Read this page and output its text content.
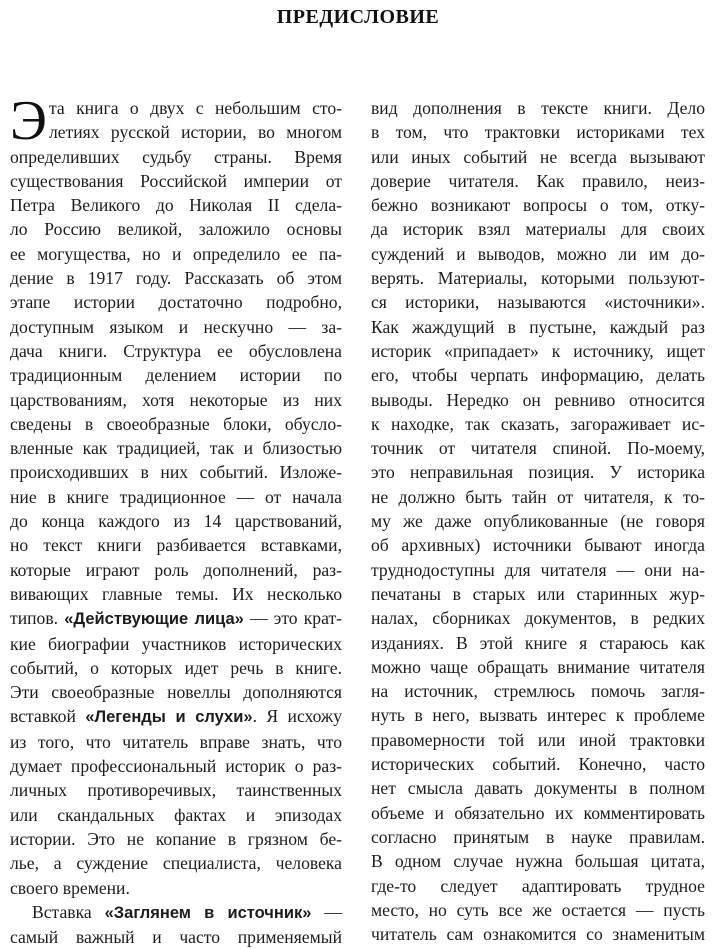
ПРЕДИСЛОВИЕ
Э та книга о двух с небольшим сто-
летиях русской истории, во многом
определивших судьбу страны. Время
существования Российской империи от
Петра Великого до Николая II сдела-
ло Россию великой, заложило основы
ее могущества, но и определило ее па-
дение в 1917 году. Рассказать об этом
этапе истории достаточно подробно,
доступным языком и нескучно — за-
дача книги. Структура ее обусловлена
традиционным делением истории по
царствованиям, хотя некоторые из них
сведены в своеобразные блоки, обусло-
вленные как традицией, так и близостью
происходивших в них событий. Изложе-
ние в книге традиционное — от начала
до конца каждого из 14 царствований,
но текст книги разбивается вставками,
которые играют роль дополнений, раз-
вивающих главные темы. Их несколько
типов. «Действующие лица» — это крат-
кие биографии участников исторических
событий, о которых идет речь в книге.
Эти своеобразные новеллы дополняются
вставкой «Легенды и слухи». Я исхожу
из того, что читатель вправе знать, что
думает профессиональный историк о раз-
личных противоречивых, таинственных
или скандальных фактах и эпизодах
истории. Это не копание в грязном бе-
лье, а суждение специалиста, человека
своего времени.
Вставка «Заглянем в источник» —
самый важный и часто применяемый
вид дополнения в тексте книги. Дело
в том, что трактовки историками тех
или иных событий не всегда вызывают
доверие читателя. Как правило, неиз-
бежно возникают вопросы о том, отку-
да историк взял материалы для своих
суждений и выводов, можно ли им до-
верять. Материалы, которыми пользуют-
ся историки, называются «источники».
Как жаждущий в пустыне, каждый раз
историк «припадает» к источнику, ищет
его, чтобы черпать информацию, делать
выводы. Нередко он ревниво относится
к находке, так сказать, загораживает ис-
точник от читателя спиной. По-моему,
это неправильная позиция. У историка
не должно быть тайн от читателя, к то-
му же даже опубликованные (не говоря
об архивных) источники бывают иногда
труднодоступны для читателя — они на-
печатаны в старых или старинных жур-
налах, сборниках документов, в редких
изданиях. В этой книге я стараюсь как
можно чаще обращать внимание читателя
на источник, стремлюсь помочь загля-
нуть в него, вызвать интерес к проблеме
правомерности той или иной трактовки
исторических событий. Конечно, часто
нет смысла давать документы в полном
объеме и обязательно их комментировать
согласно принятым в науке правилам.
В одном случае нужна большая цитата,
где-то следует адаптировать трудное
место, но суть все же остается — пусть
читатель сам ознакомится со знаменитым
